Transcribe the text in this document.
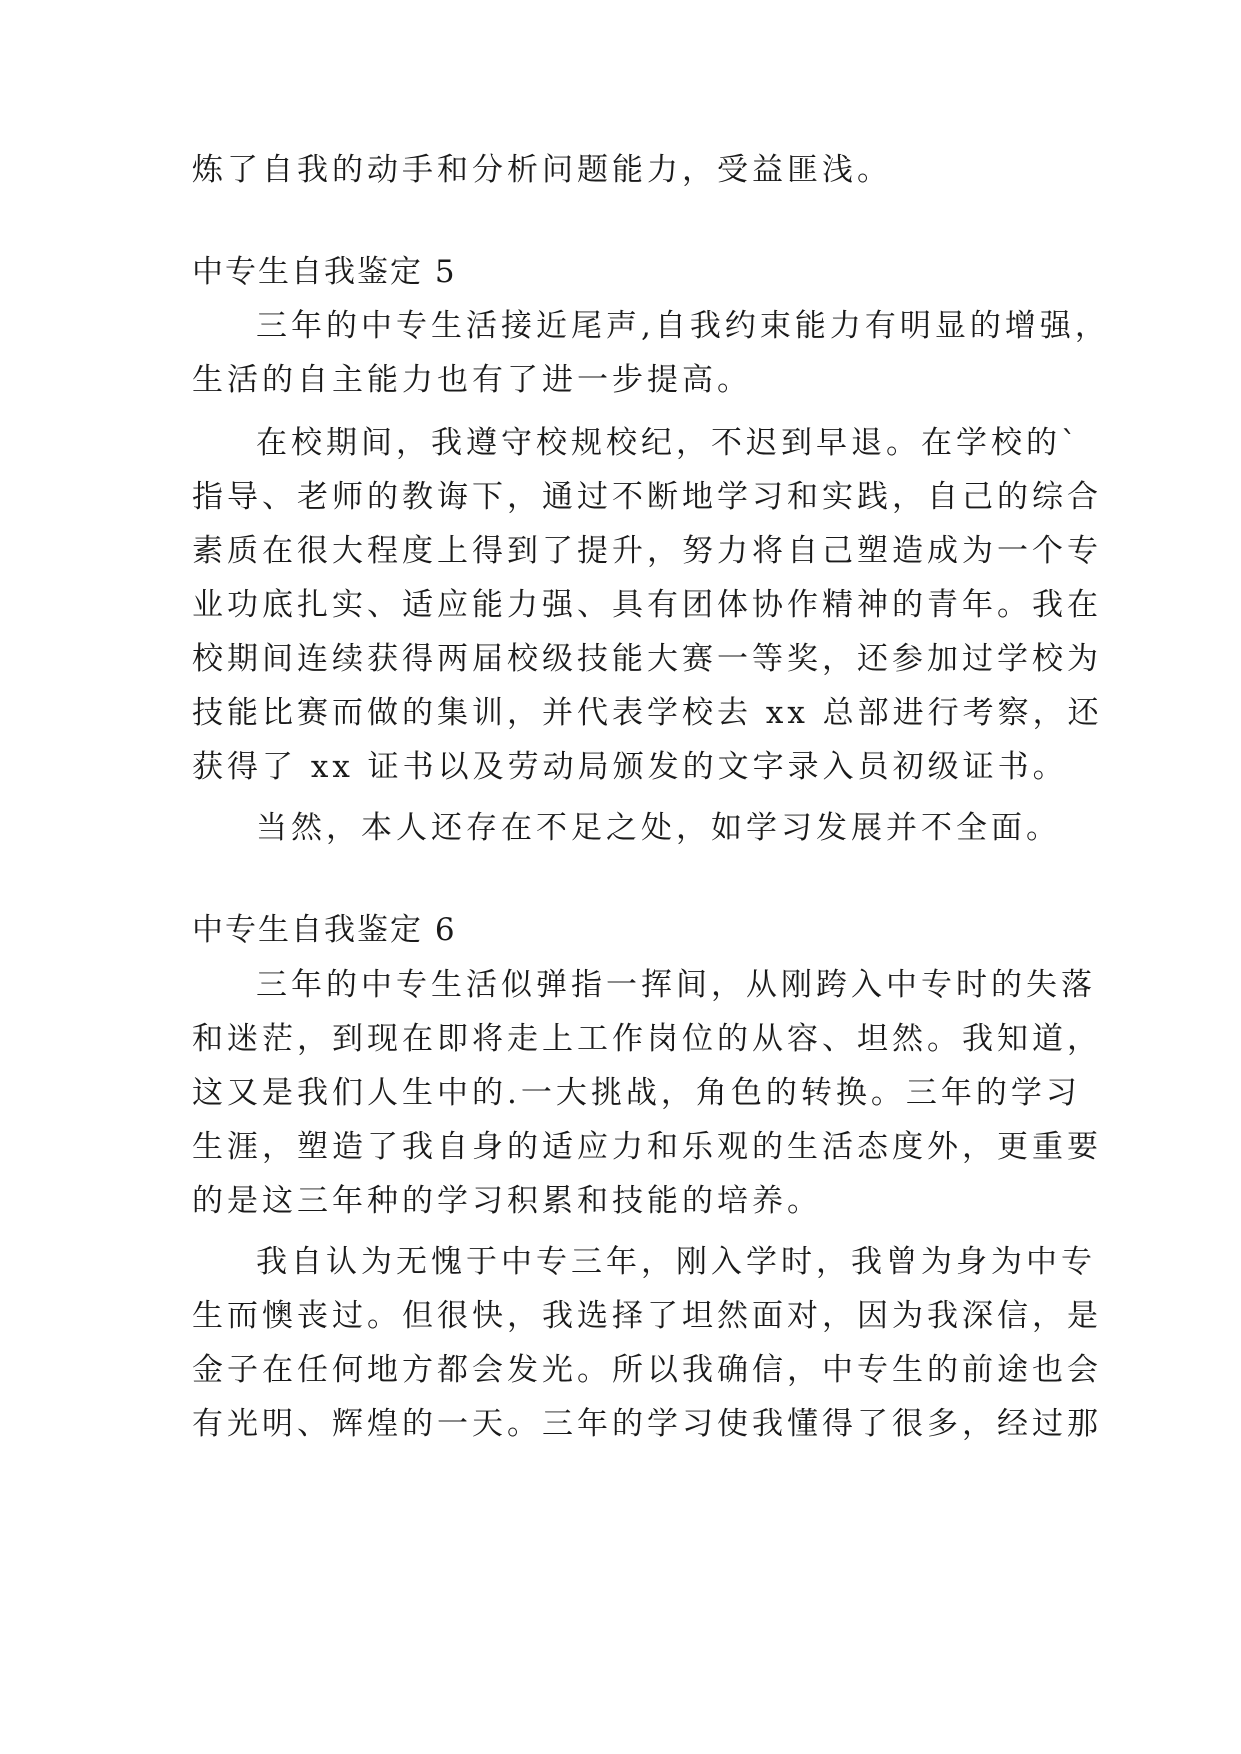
炼了自我的动手和分析问题能力，受益匪浅。
中专生自我鉴定 5
三年的中专生活接近尾声,自我约束能力有明显的增强，
生活的自主能力也有了进一步提高。
在校期间，我遵守校规校纪，不迟到早退。在学校的`
指导、老师的教诲下，通过不断地学习和实践，自己的综合
素质在很大程度上得到了提升，努力将自己塑造成为一个专
业功底扎实、适应能力强、具有团体协作精神的青年。我在
校期间连续获得两届校级技能大赛一等奖，还参加过学校为
技能比赛而做的集训，并代表学校去 xx 总部进行考察，还
获得了 xx 证书以及劳动局颁发的文字录入员初级证书。
当然，本人还存在不足之处，如学习发展并不全面。
中专生自我鉴定 6
三年的中专生活似弹指一挥间，从刚跨入中专时的失落
和迷茫，到现在即将走上工作岗位的从容、坦然。我知道，
这又是我们人生中的.一大挑战，角色的转换。三年的学习
生涯，塑造了我自身的适应力和乐观的生活态度外，更重要
的是这三年种的学习积累和技能的培养。
我自认为无愧于中专三年，刚入学时，我曾为身为中专
生而懊丧过。但很快，我选择了坦然面对，因为我深信，是
金子在任何地方都会发光。所以我确信，中专生的前途也会
有光明、辉煌的一天。三年的学习使我懂得了很多，经过那
